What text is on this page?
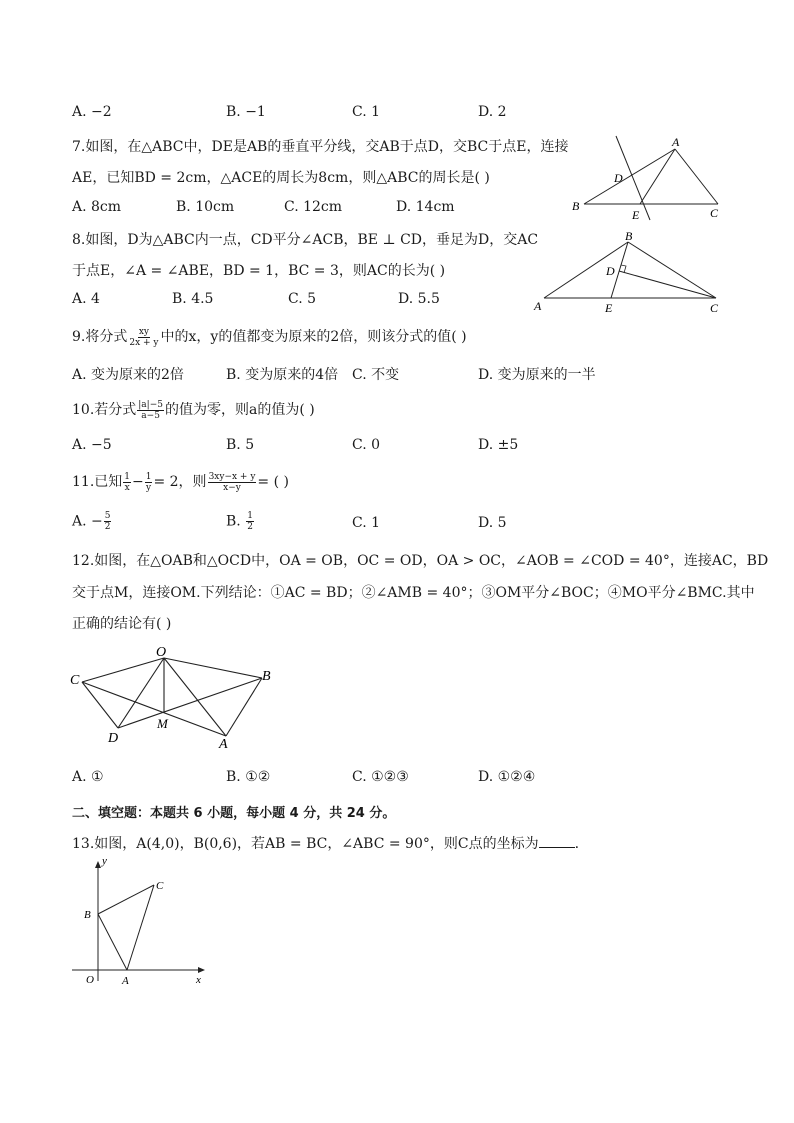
A. −2	B. −1	C. 1	D. 2
7.如图，在△ABC中，DE是AB的垂直平分线，交AB于点D，交BC于点E，连接
AE，已知BD = 2cm，△ACE的周长为8cm，则△ABC的周长是( )
A. 8cm	B. 10cm	C. 12cm	D. 14cm
A
B	C
D
E
8.如图，D为△ABC内一点，CD平分∠ACB，BE ⊥ CD，垂足为D，交AC
于点E，∠A = ∠ABE，BD = 1，BC = 3，则AC的长为( )
A. 4	B. 4.5	C. 5	D. 5.5
B
A	C
D
E
9.将分式 $\frac{xy}{2x + y}$ 中的x，y的值都变为原来的2倍，则该分式的值( )
A. 变为原来的2倍	B. 变为原来的4倍 C. 不变	D. 变为原来的一半
10.若分式 $\frac{|a|-5}{a-5}$ 的值为零，则a的值为( )
A. −5	B. 5	C. 0	D. ±5
11.已知 $\frac{1}{x} - \frac{1}{y} = 2$，则 $\frac{3xy-x + y}{x-y}$ = ( )
A. − $\frac{5}{2}$	B. $\frac{1}{2}$	C. 1	D. 5
12.如图，在△OAB和△OCD中，OA = OB，OC = OD，OA > OC，∠AOB = ∠COD = 40°，连接AC，BD
交于点M，连接OM.下列结论：①AC = BD；②∠AMB = 40°；③OM平分∠BOC；④MO平分∠BMC.其中
正确的结论有( )
O
C	B
D
M
A
A. ①	B. ①②	C. ①②③	D. ①②④
二、填空题：本题共 6 小题，每小题 4 分，共 24 分。
13.如图，A(4,0)，B(0,6)，若AB = BC，∠ABC = 90°，则C点的坐标为	.
y
x
O	A
B
C
